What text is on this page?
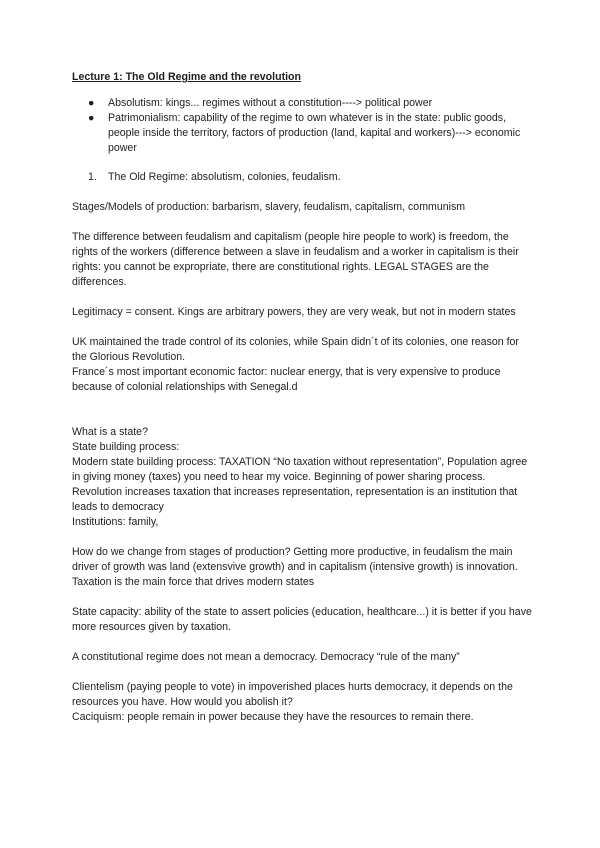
Lecture 1: The Old Regime and the revolution

● Absolutism: kings... regimes without a constitution----> political power
● Patrimonialism: capability of the regime to own whatever is in the state: public goods, people inside the territory, factors of production (land, kapital and workers)---> economic power
1. The Old Regime: absolutism, colonies, feudalism.

Stages/Models of production: barbarism, slavery, feudalism, capitalism, communism

The difference between feudalism and capitalism (people hire people to work) is freedom, the rights of the workers (difference between a slave in feudalism and a worker in capitalism is their rights: you cannot be expropriate, there are constitutional rights. LEGAL STAGES are the differences.

Legitimacy = consent. Kings are arbitrary powers, they are very weak, but not in modern states

UK maintained the trade control of its colonies, while Spain didn´t of its colonies, one reason for the Glorious Revolution.

France´s most important economic factor: nuclear energy, that is very expensive to produce because of colonial relationships with Senegal.d

What is a state?

State building process:

Modern state building process: TAXATION “No taxation without representation”, Population agree in giving money (taxes) you need to hear my voice. Beginning of power sharing process. Revolution increases taxation that increases representation, representation is an institution that leads to democracy

Institutions: family,

How do we change from stages of production? Getting more productive, in feudalism the main driver of growth was land (extensvive growth) and in capitalism (intensive growth) is innovation. Taxation is the main force that drives modern states

State capacity: ability of the state to assert policies (education, healthcare...) it is better if you have more resources given by taxation.

A constitutional regime does not mean a democracy. Democracy “rule of the many”

Clientelism (paying people to vote) in impoverished places hurts democracy, it depends on the resources you have. How would you abolish it?

Caciquism: people remain in power because they have the resources to remain there.
